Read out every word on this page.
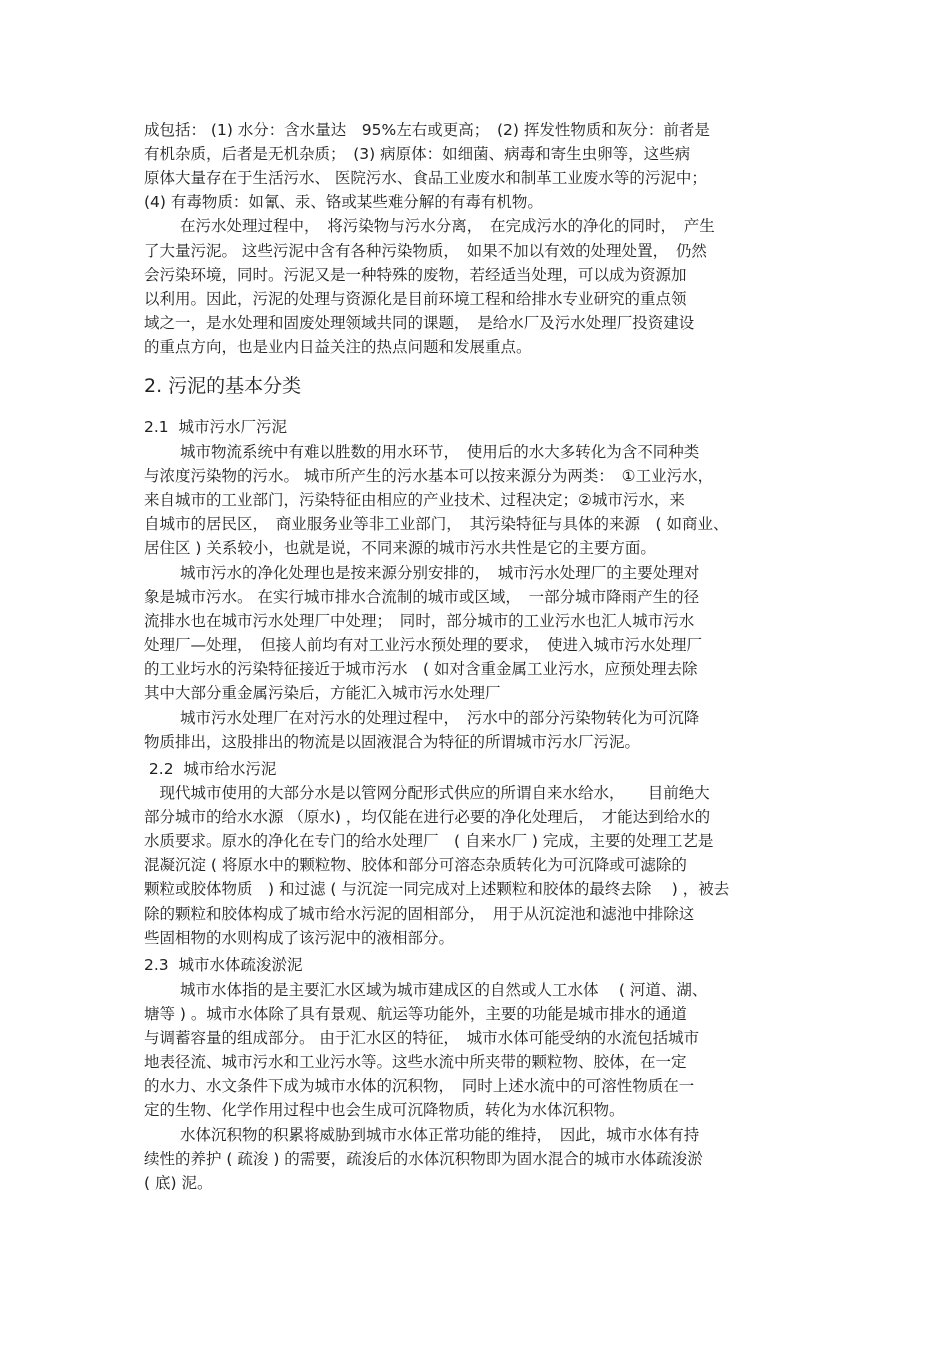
成包括： (1) 水分：含水量达　95%左右或更高；　(2) 挥发性物质和灰分：前者是
有机杂质，后者是无机杂质；　(3) 病原体：如细菌、病毒和寄生虫卵等，这些病
原体大量存在于生活污水、 医院污水、食品工业废水和制革工业废水等的污泥中；
(4) 有毒物质：如氰、汞、铬或某些难分解的有毒有机物。
在污水处理过程中，　将污染物与污水分离，　在完成污水的净化的同时，　产生
了大量污泥。 这些污泥中含有各种污染物质，　如果不加以有效的处理处置，　仍然
会污染环境，同时。污泥又是一种特殊的废物，若经适当处理，可以成为资源加
以利用。因此，污泥的处理与资源化是目前环境工程和给排水专业研究的重点领
域之一，是水处理和固废处理领域共同的课题，　是给水厂及污水处理厂投资建设
的重点方向，也是业内日益关注的热点问题和发展重点。
2. 污泥的基本分类
2.1  城市污水厂污泥
城市物流系统中有难以胜数的用水环节，　使用后的水大多转化为含不同种类
与浓度污染物的污水。 城市所产生的污水基本可以按来源分为两类：　①工业污水，
来自城市的工业部门，污染特征由相应的产业技术、过程决定；②城市污水，来
自城市的居民区，　商业服务业等非工业部门，　其污染特征与具体的来源　( 如商业、
居住区 ) 关系较小，也就是说，不同来源的城市污水共性是它的主要方面。
城市污水的净化处理也是按来源分别安排的，　城市污水处理厂的主要处理对
象是城市污水。 在实行城市排水合流制的城市或区域，　一部分城市降雨产生的径
流排水也在城市污水处理厂中处理；　同时，部分城市的工业污水也汇人城市污水
处理厂—处理，　但接人前均有对工业污水预处理的要求，　使进入城市污水处理厂
的工业圬水的污染特征接近于城市污水　( 如对含重金属工业污水，应预处理去除
其中大部分重金属污染后，方能汇入城市污水处理厂
城市污水处理厂在对污水的处理过程中，　污水中的部分污染物转化为可沉降
物质排出，这股排出的物流是以固液混合为特征的所谓城市污水厂污泥。
2.2  城市给水污泥
　现代城市使用的大部分水是以管网分配形式供应的所谓自来水给水，　　目前绝大
部分城市的给水水源 （原水) ，均仅能在进行必要的净化处理后，　才能达到给水的
水质要求。原水的净化在专门的给水处理厂　( 自来水厂 ) 完成，主要的处理工艺是
混凝沉淀 ( 将原水中的颗粒物、胶体和部分可溶态杂质转化为可沉降或可滤除的
颗粒或胶体物质　) 和过滤 ( 与沉淀一同完成对上述颗粒和胶体的最终去除　 ) ，被去
除的颗粒和胶体构成了城市给水污泥的固相部分，　用于从沉淀池和滤池中排除这
些固相物的水则构成了该污泥中的液相部分。
2.3  城市水体疏浚淤泥
城市水体指的是主要汇水区域为城市建成区的自然或人工水体　 ( 河道、湖、
塘等 ) 。城市水体除了具有景观、航运等功能外，主要的功能是城市排水的通道
与调蓄容量的组成部分。 由于汇水区的特征，　城市水体可能受纳的水流包括城市
地表径流、城市污水和工业污水等。这些水流中所夹带的颗粒物、胶体，在一定
的水力、水文条件下成为城市水体的沉积物，　同时上述水流中的可溶性物质在一
定的生物、化学作用过程中也会生成可沉降物质，转化为水体沉积物。
水体沉积物的积累将威胁到城市水体正常功能的维持，　因此，城市水体有持
续性的养护 ( 疏浚 ) 的需要，疏浚后的水体沉积物即为固水混合的城市水体疏浚淤
( 底) 泥。
